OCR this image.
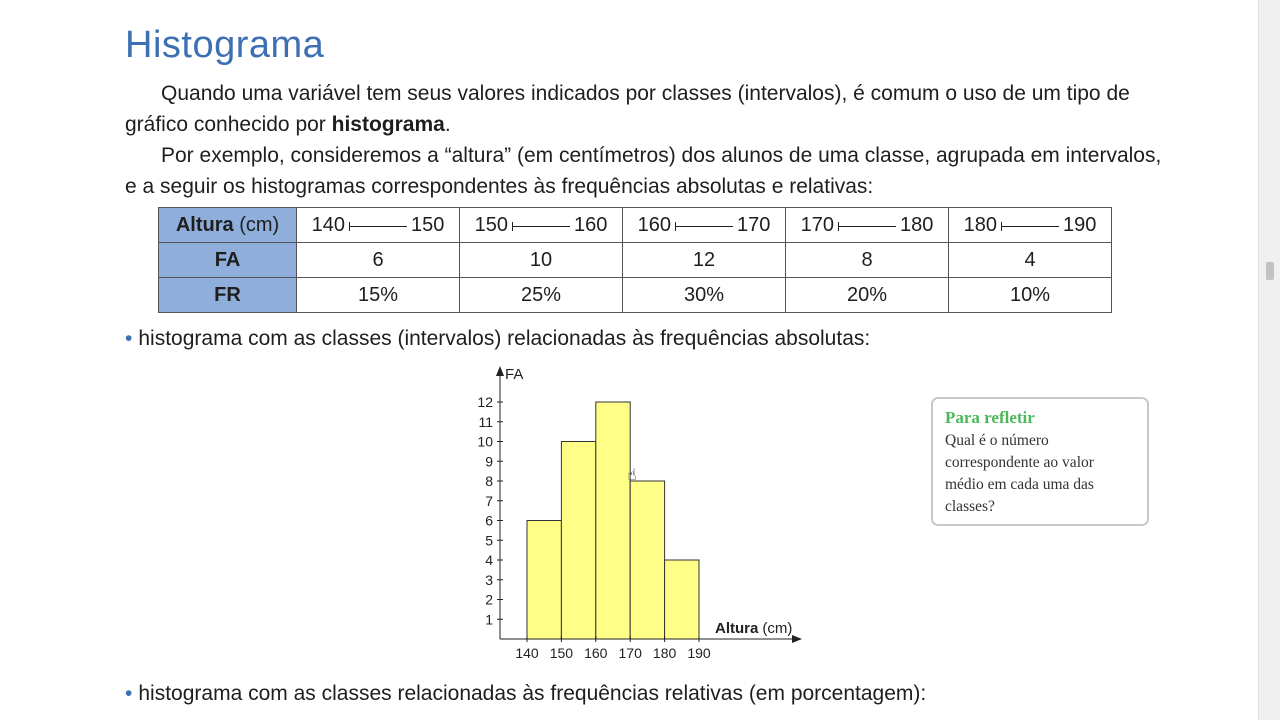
Histograma

Quando uma variável tem seus valores indicados por classes (intervalos), é comum o uso de um tipo de gráfico conhecido por histograma.

Por exemplo, consideremos a “altura” (em centímetros) dos alunos de uma classe, agrupada em intervalos, e a seguir os histogramas correspondentes às frequências absolutas e relativas:

Altura (cm)	140 150	150 160	160 170	170 180	180 190

FA	6	10	12	8	4
FR	15%	25%	30%	20%	10%

• histograma com as classes (intervalos) relacionadas às frequências absolutas:

1
2
3
4
5
6
7
8
9
10
11
12
140 150 160 170 180 190
FA
Altura (cm)
☝

Para refletir

Qual é o número correspondente ao valor médio em cada uma das classes?

• histograma com as classes relacionadas às frequências relativas (em porcentagem):
